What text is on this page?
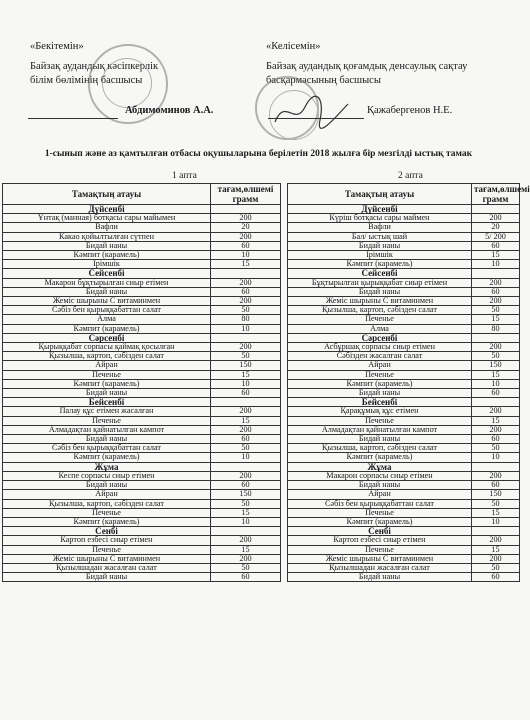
«Бекітемін»
Байзақ аудандық кәсіпкерлік
білім бөлімінің басшысы
Абдимоминов А.А.
«Келісемін»
Байзақ аудандық қоғамдық денсаулық сақтау
басқармасының басшысы
Қажабергенов Н.Е.
1-сынып және аз қамтылған отбасы оқушыларына берілетін 2018 жылға бір мезгілді ыстық тамак
1 апта	2 апта
Тамақтың атауы	тағам,өлшемі грамм
Дүйсенбі	
Ұнтақ (манная) ботқасы сары майымен	200
Вафли	20
Какао қойылтылған сүтпен	200
Бидай наны	60
Кәмпит (карамель)	10
Ірімшік	15
Сейсенбі	
Макарон бұқтырылған сиыр етімен	200
Бидай наны	60
Жеміс шырыны С витаминмен	200
Сәбіз бен қырыққабаттан салат	50
Алма	80
Кәмпит (карамель)	10
Сәрсенбі	
Қырыққабат сорпасы қаймақ қосылған	200
Қызылша, картоп, сәбізден салат	50
Айран	150
Печенье	15
Кәмпит (карамель)	10
Бидай наны	60
Бейсенбі	
Палау құс етімен жасалған	200
Печенье	15
Алмадақтан қайнатылған кампот	200
Бидай наны	60
Сәбіз бен қырыққабаттан салат	50
Кәмпит (карамель)	10
Жұма	
Кеспе сорпасы сиыр етімен	200
Бидай наны	60
Айран	150
Қызылша, картоп, сәбізден салат	50
Печенье	15
Кәмпит (карамель)	10
Сенбі	
Картоп езбесі сиыр етімен	200
Печенье	15
Жеміс шырыны С витаминмен	200
Қызылшадан жасалған салат	50
Бидай наны	60
Тамақтың атауы	тағам,өлшемі грамм
Дүйсенбі	
Күріш ботқасы сары маймен	200
Вафли	20
Бал/ ыстық шай	5/ 200
Бидай наны	60
Ірімшік	15
Кәмпит (карамель)	10
Сейсенбі	
Бұқтырылған қырыққабат сиыр етімен	200
Бидай наны	60
Жеміс шырыны С витаминмен	200
Қызылша, картоп, сәбізден салат	50
Печенье	15
Алма	80
Сәрсенбі	
Асбұршақ сорпасы сиыр етімен	200
Сәбізден жасалған салат	50
Айран	150
Печенье	15
Кәмпит (карамель)	10
Бидай наны	60
Бейсенбі	
Қарақұмық құс етімен	200
Печенье	15
Алмадақтан қайнатылған кампот	200
Бидай наны	60
Қызылша, картоп, сәбізден салат	50
Кәмпит (карамель)	10
Жұма	
Макарон сорпасы сиыр етімен	200
Бидай наны	60
Айран	150
Сәбіз бен қырыққабаттан салат	50
Печенье	15
Кәмпит (карамель)	10
Сенбі	
Картоп езбесі сиыр етімен	200
Печенье	15
Жеміс шырыны С витаминмен	200
Қызылшадан жасалған салат	50
Бидай наны	60
